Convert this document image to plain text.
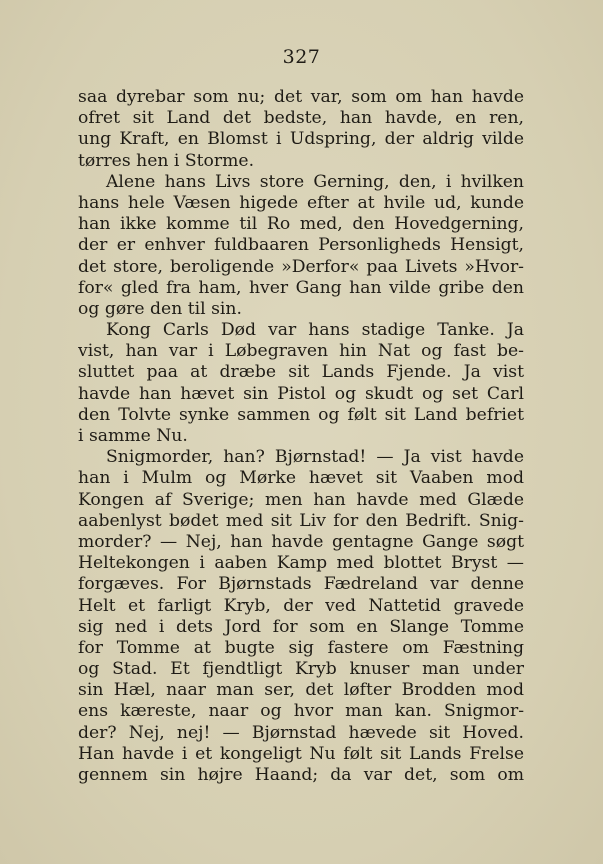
327
saa dyrebar som nu; det var, som om han havde
ofret sit Land det bedste, han havde, en ren,
ung Kraft, en Blomst i Udspring, der aldrig vilde
tørres hen i Storme.
Alene hans Livs store Gerning, den, i hvilken
hans hele Væsen higede efter at hvile ud, kunde
han ikke komme til Ro med, den Hovedgerning,
der er enhver fuldbaaren Personligheds Hensigt,
det store, beroligende »Derfor« paa Livets »Hvor-
for« gled fra ham, hver Gang han vilde gribe den
og gøre den til sin.
Kong Carls Død var hans stadige Tanke. Ja
vist, han var i Løbegraven hin Nat og fast be-
sluttet paa at dræbe sit Lands Fjende. Ja vist
havde han hævet sin Pistol og skudt og set Carl
den Tolvte synke sammen og følt sit Land befriet
i samme Nu.
Snigmorder, han? Bjørnstad! — Ja vist havde
han i Mulm og Mørke hævet sit Vaaben mod
Kongen af Sverige; men han havde med Glæde
aabenlyst bødet med sit Liv for den Bedrift. Snig-
morder? — Nej, han havde gentagne Gange søgt
Heltekongen i aaben Kamp med blottet Bryst —
forgæves. For Bjørnstads Fædreland var denne
Helt et farligt Kryb, der ved Nattetid gravede
sig ned i dets Jord for som en Slange Tomme
for Tomme at bugte sig fastere om Fæstning
og Stad. Et fjendtligt Kryb knuser man under
sin Hæl, naar man ser, det løfter Brodden mod
ens kæreste, naar og hvor man kan. Snigmor-
der? Nej, nej! — Bjørnstad hævede sit Hoved.
Han havde i et kongeligt Nu følt sit Lands Frelse
gennem sin højre Haand; da var det, som om
